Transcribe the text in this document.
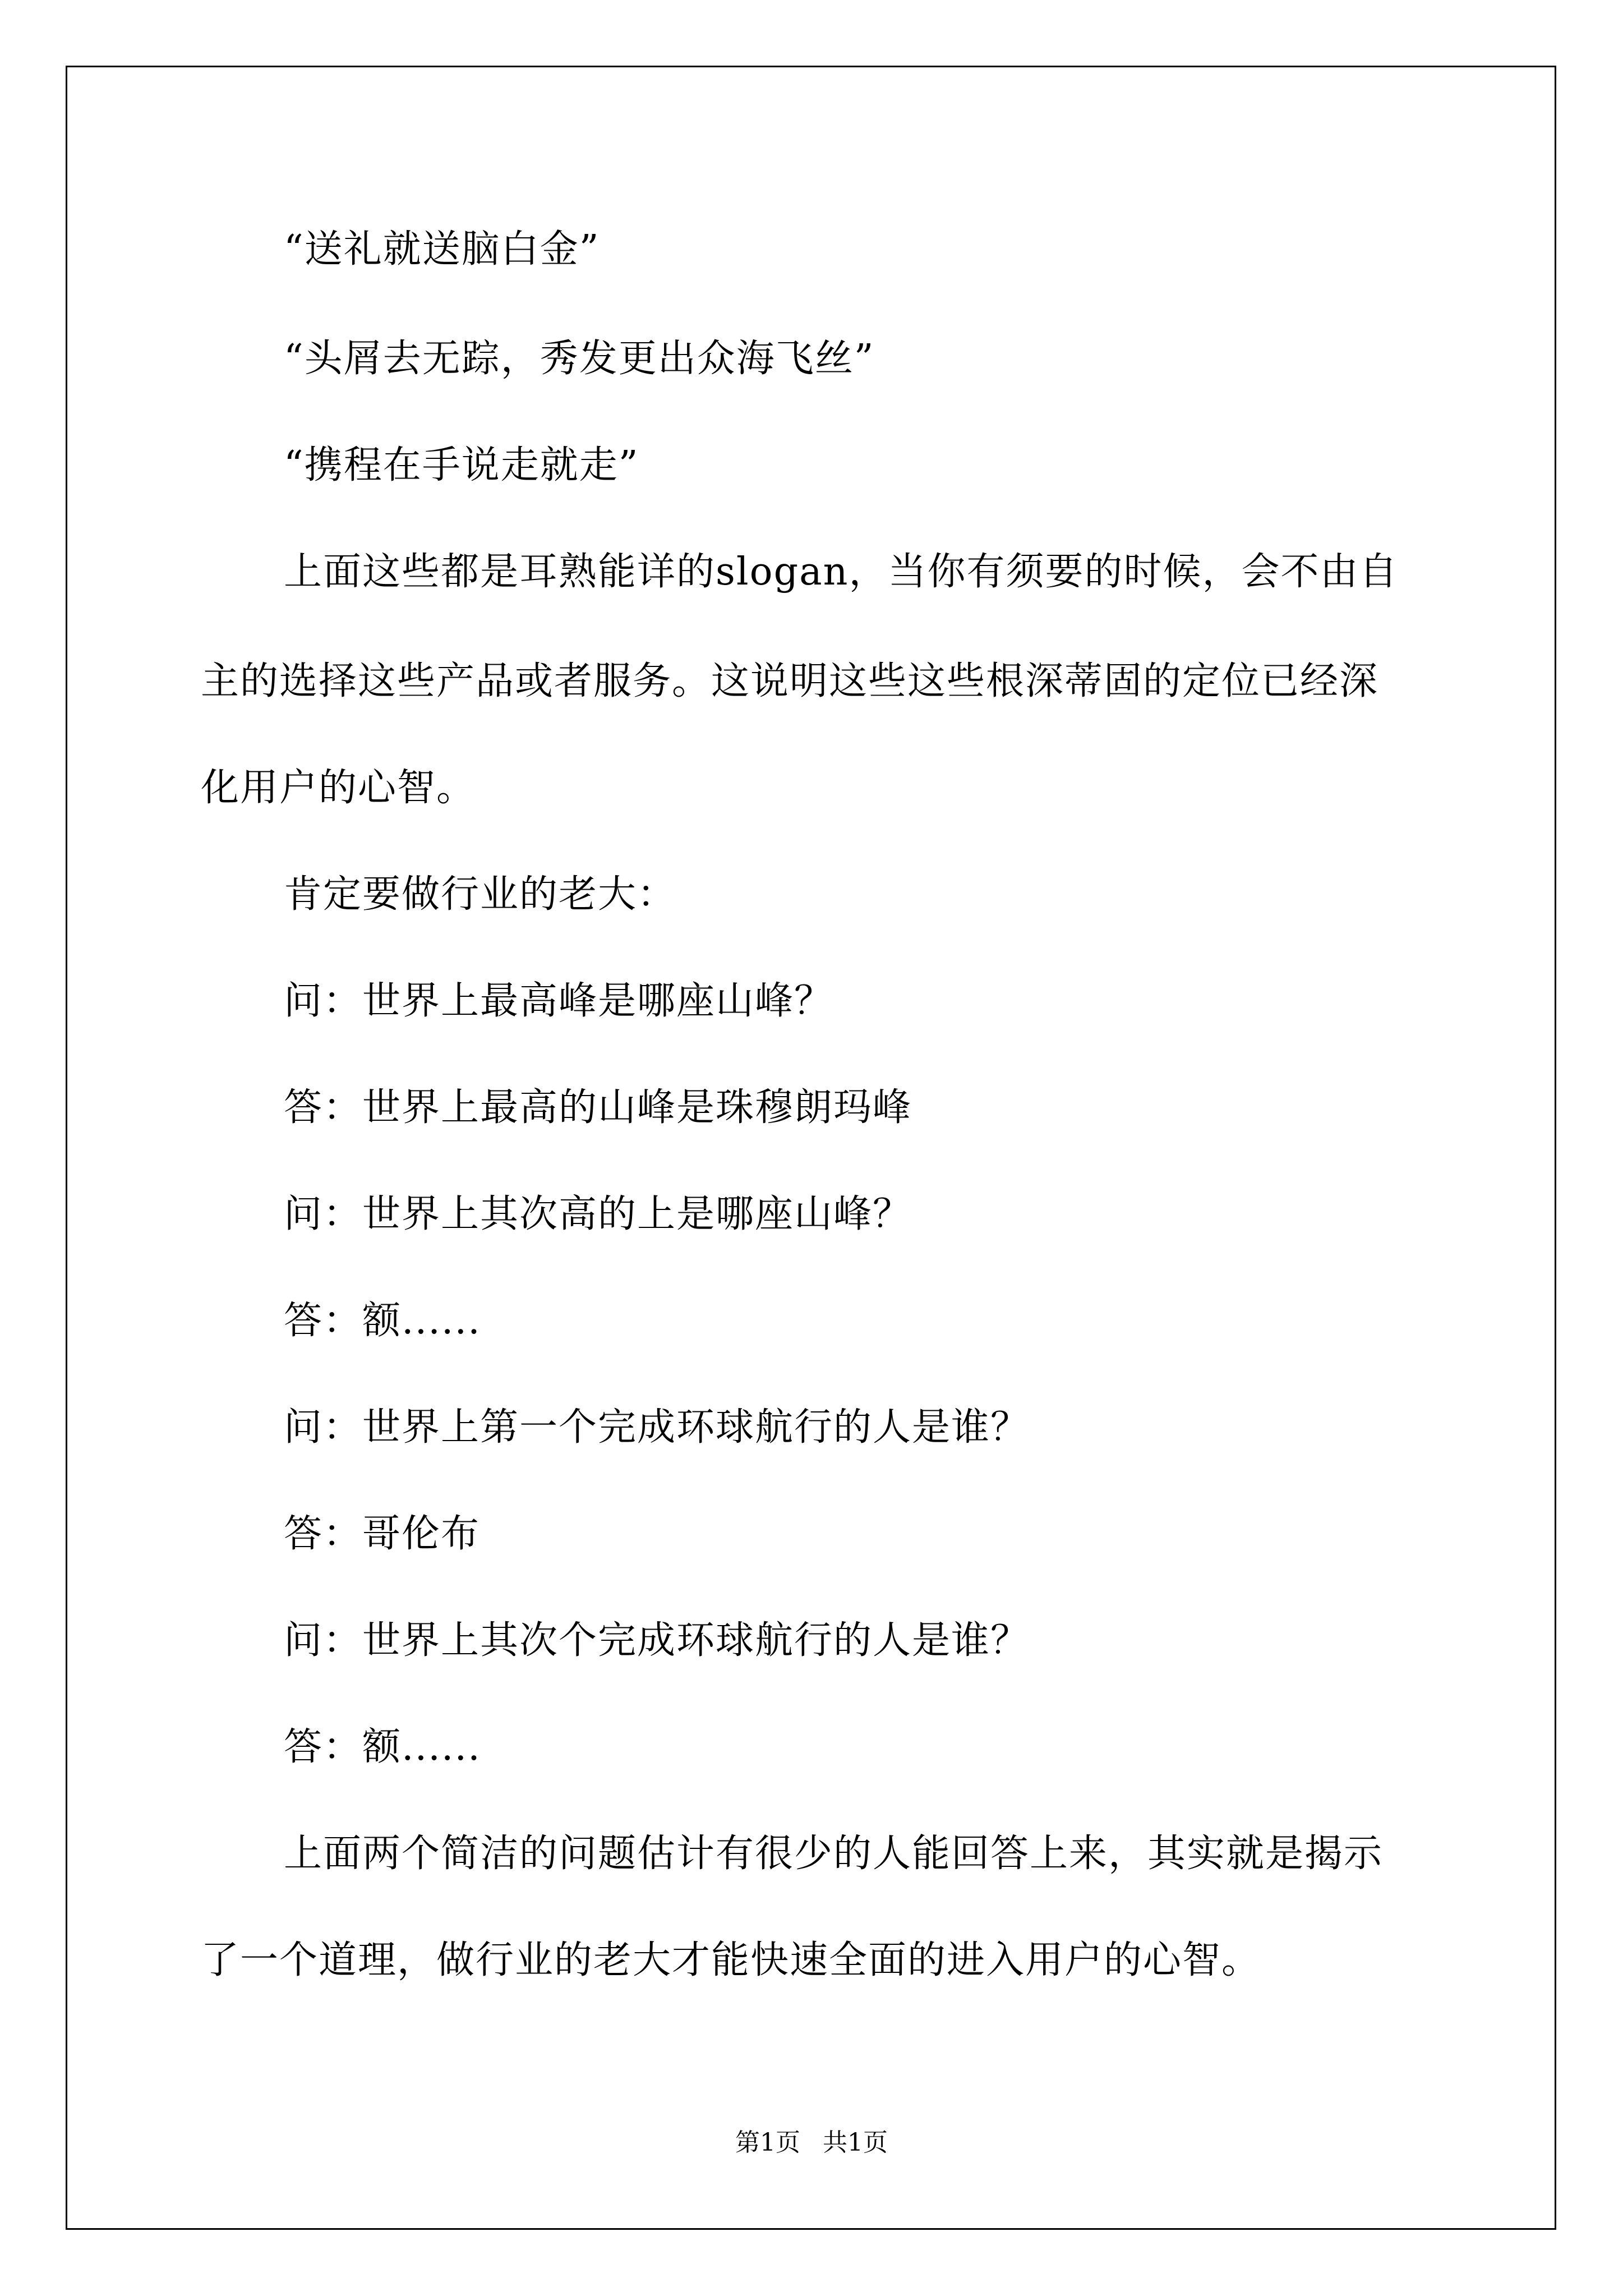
“送礼就送脑白金”
“头屑去无踪，秀发更出众海飞丝”
“携程在手说走就走”
上面这些都是耳熟能详的slogan，当你有须要的时候，会不由自
主的选择这些产品或者服务。这说明这些这些根深蒂固的定位已经深
化用户的心智。
肯定要做行业的老大：
问：世界上最高峰是哪座山峰？
答：世界上最高的山峰是珠穆朗玛峰
问：世界上其次高的上是哪座山峰？
答：额......
问：世界上第一个完成环球航行的人是谁？
答：哥伦布
问：世界上其次个完成环球航行的人是谁？
答：额......
上面两个简洁的问题估计有很少的人能回答上来，其实就是揭示
了一个道理，做行业的老大才能快速全面的进入用户的心智。
第1页 共1页
